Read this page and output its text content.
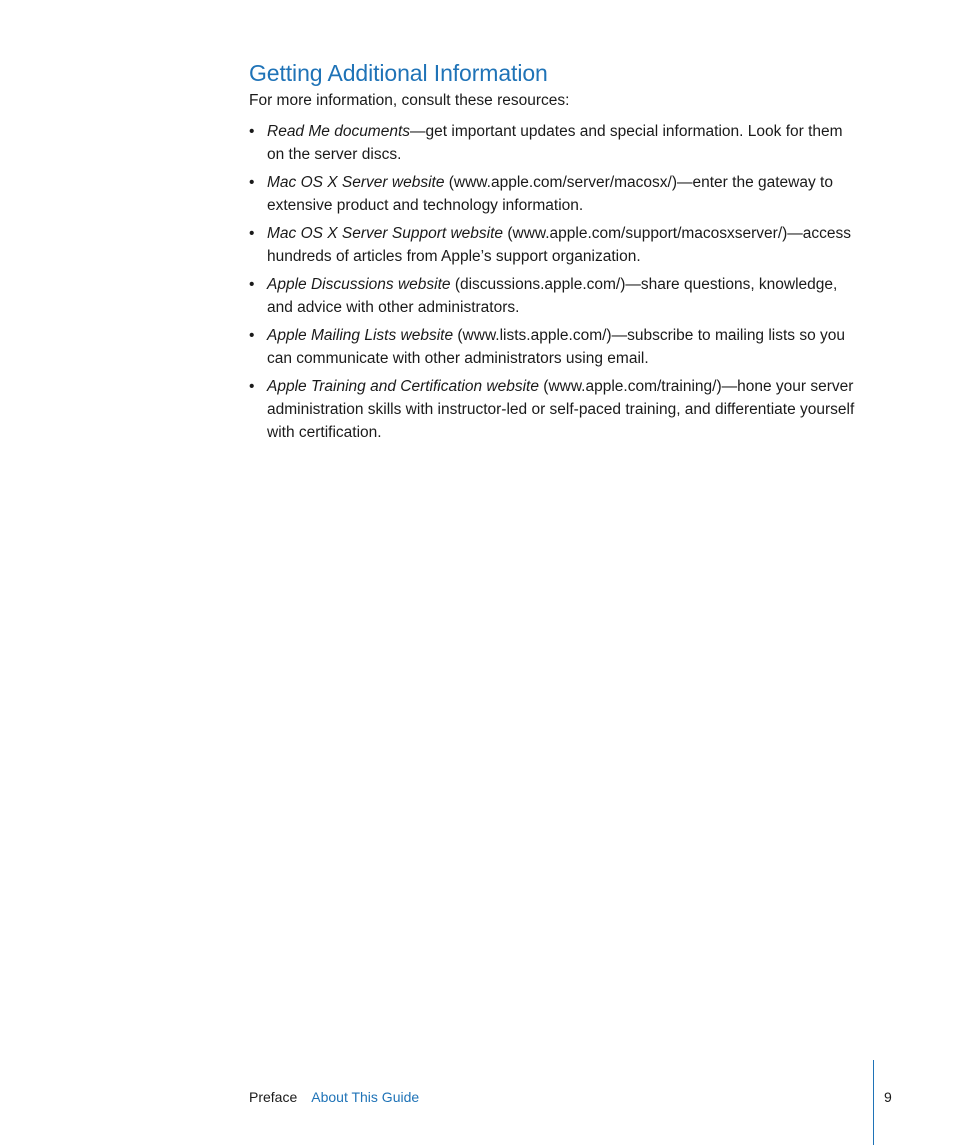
Getting Additional Information

For more information, consult these resources:

• Read Me documents—get important updates and special information. Look for them on the server discs.
• Mac OS X Server website (www.apple.com/server/macosx/)—enter the gateway to extensive product and technology information.
• Mac OS X Server Support website (www.apple.com/support/macosxserver/)—access hundreds of articles from Apple’s support organization.
• Apple Discussions website (discussions.apple.com/)—share questions, knowledge, and advice with other administrators.
• Apple Mailing Lists website (www.lists.apple.com/)—subscribe to mailing lists so you can communicate with other administrators using email.
• Apple Training and Certification website (www.apple.com/training/)—hone your server administration skills with instructor-led or self-paced training, and differentiate yourself with certification.
Preface About This Guide	9
